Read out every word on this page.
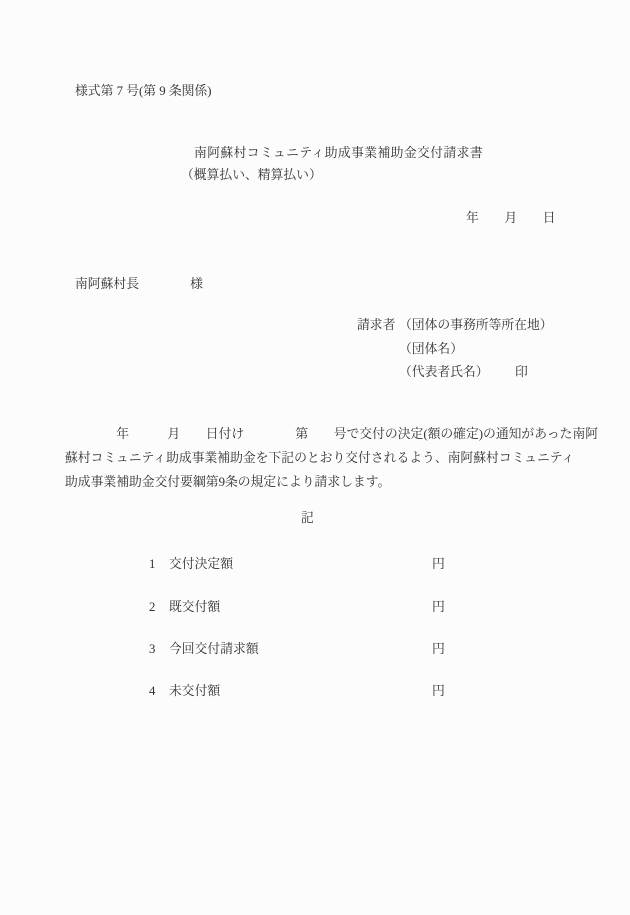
様式第 7 号(第 9 条関係)
南阿蘇村コミュニティ助成事業補助金交付請求書
（概算払い、精算払い）
年　　月　　日
南阿蘇村長　　　　様
請求者 （団体の事務所等所在地）
（団体名）
（代表者氏名） 印
　　　　年　　　月　　日付け　　　　第　　号で交付の決定(額の確定)の通知があった南阿
蘇村コミュニティ助成事業補助金を下記のとおり交付されるよう、南阿蘇村コミュニティ
助成事業補助金交付要綱第9条の規定により請求します。
記
1 交付決定額	円
2 既交付額	円
3 今回交付請求額	円
4 未交付額	円
